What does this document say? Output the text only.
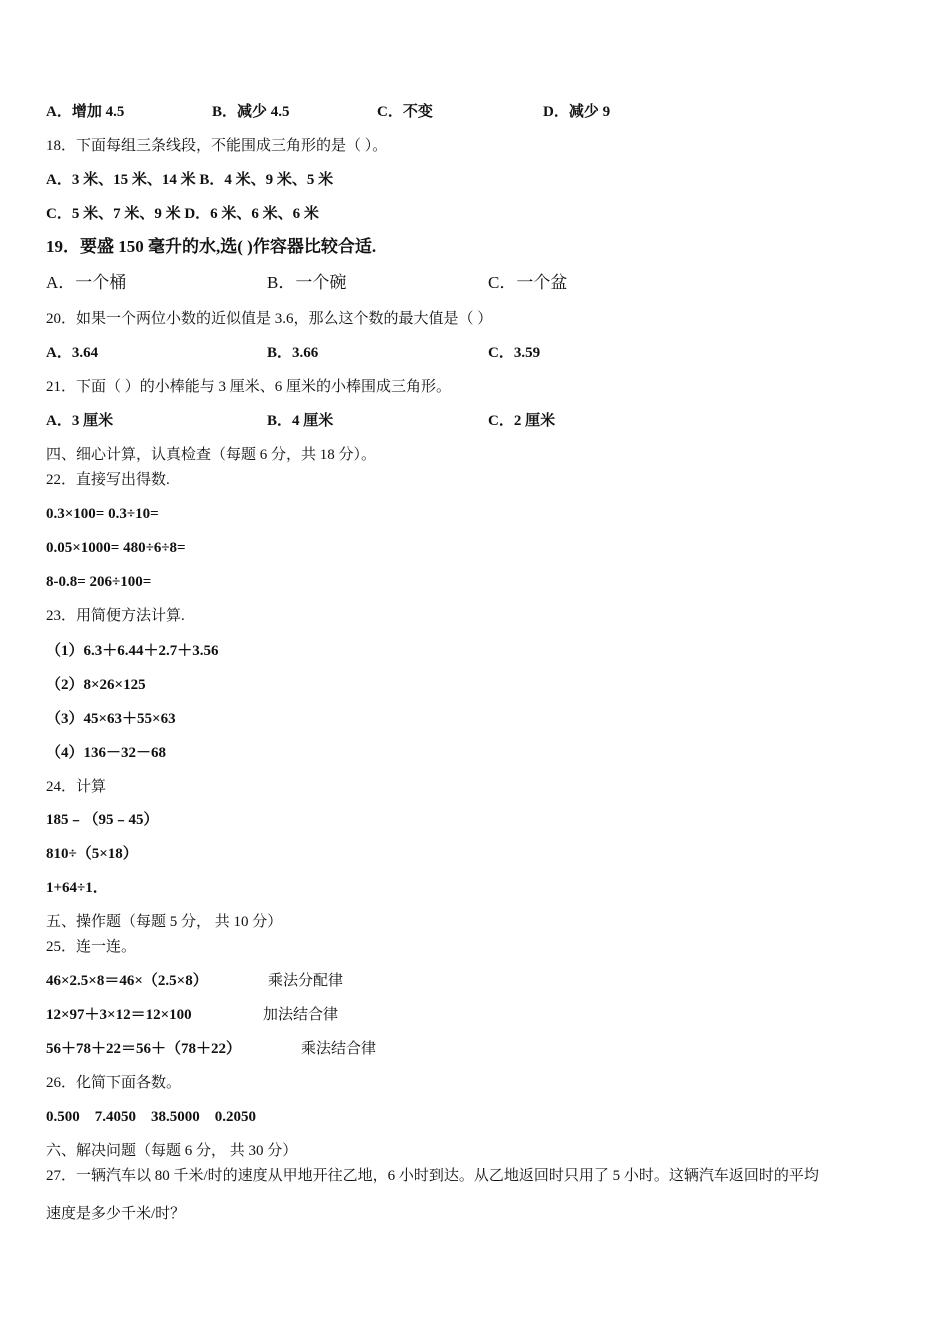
A．增加 4.5	B．减少 4.5	C．不变	D．减少 9
18．下面每组三条线段，不能围成三角形的是（ ）。
A．3 米、15 米、14 米 B．4 米、9 米、5 米
C．5 米、7 米、9 米 D．6 米、6 米、6 米
19．要盛 150 毫升的水,选( )作容器比较合适.
A．一个桶	B．一个碗	C．一个盆
20．如果一个两位小数的近似值是 3.6，那么这个数的最大值是（ ）
A．3.64	B．3.66	C．3.59
21．下面（ ）的小棒能与 3 厘米、6 厘米的小棒围成三角形。
A．3 厘米	B．4 厘米	C．2 厘米
四、细心计算，认真检查（每题 6 分，共 18 分）。
22．直接写出得数.
0.3×100= 0.3÷10=
0.05×1000= 480÷6÷8=
8-0.8= 206÷100=
23．用简便方法计算.
（1）6.3＋6.44＋2.7＋3.56
（2）8×26×125
（3）45×63＋55×63
（4）136－32－68
24．计算
185﹣（95﹣45）
810÷（5×18）
1+64÷1．
五、操作题（每题 5 分， 共 10 分）
25．连一连。
46×2.5×8＝46×（2.5×8）	乘法分配律
12×97＋3×12＝12×100	加法结合律
56＋78＋22＝56＋（78＋22）	乘法结合律
26．化简下面各数。
0.500    7.4050    38.5000    0.2050
六、解决问题（每题 6 分， 共 30 分）
27．一辆汽车以 80 千米/时的速度从甲地开往乙地，6 小时到达。从乙地返回时只用了 5 小时。这辆汽车返回时的平均
速度是多少千米/时？
